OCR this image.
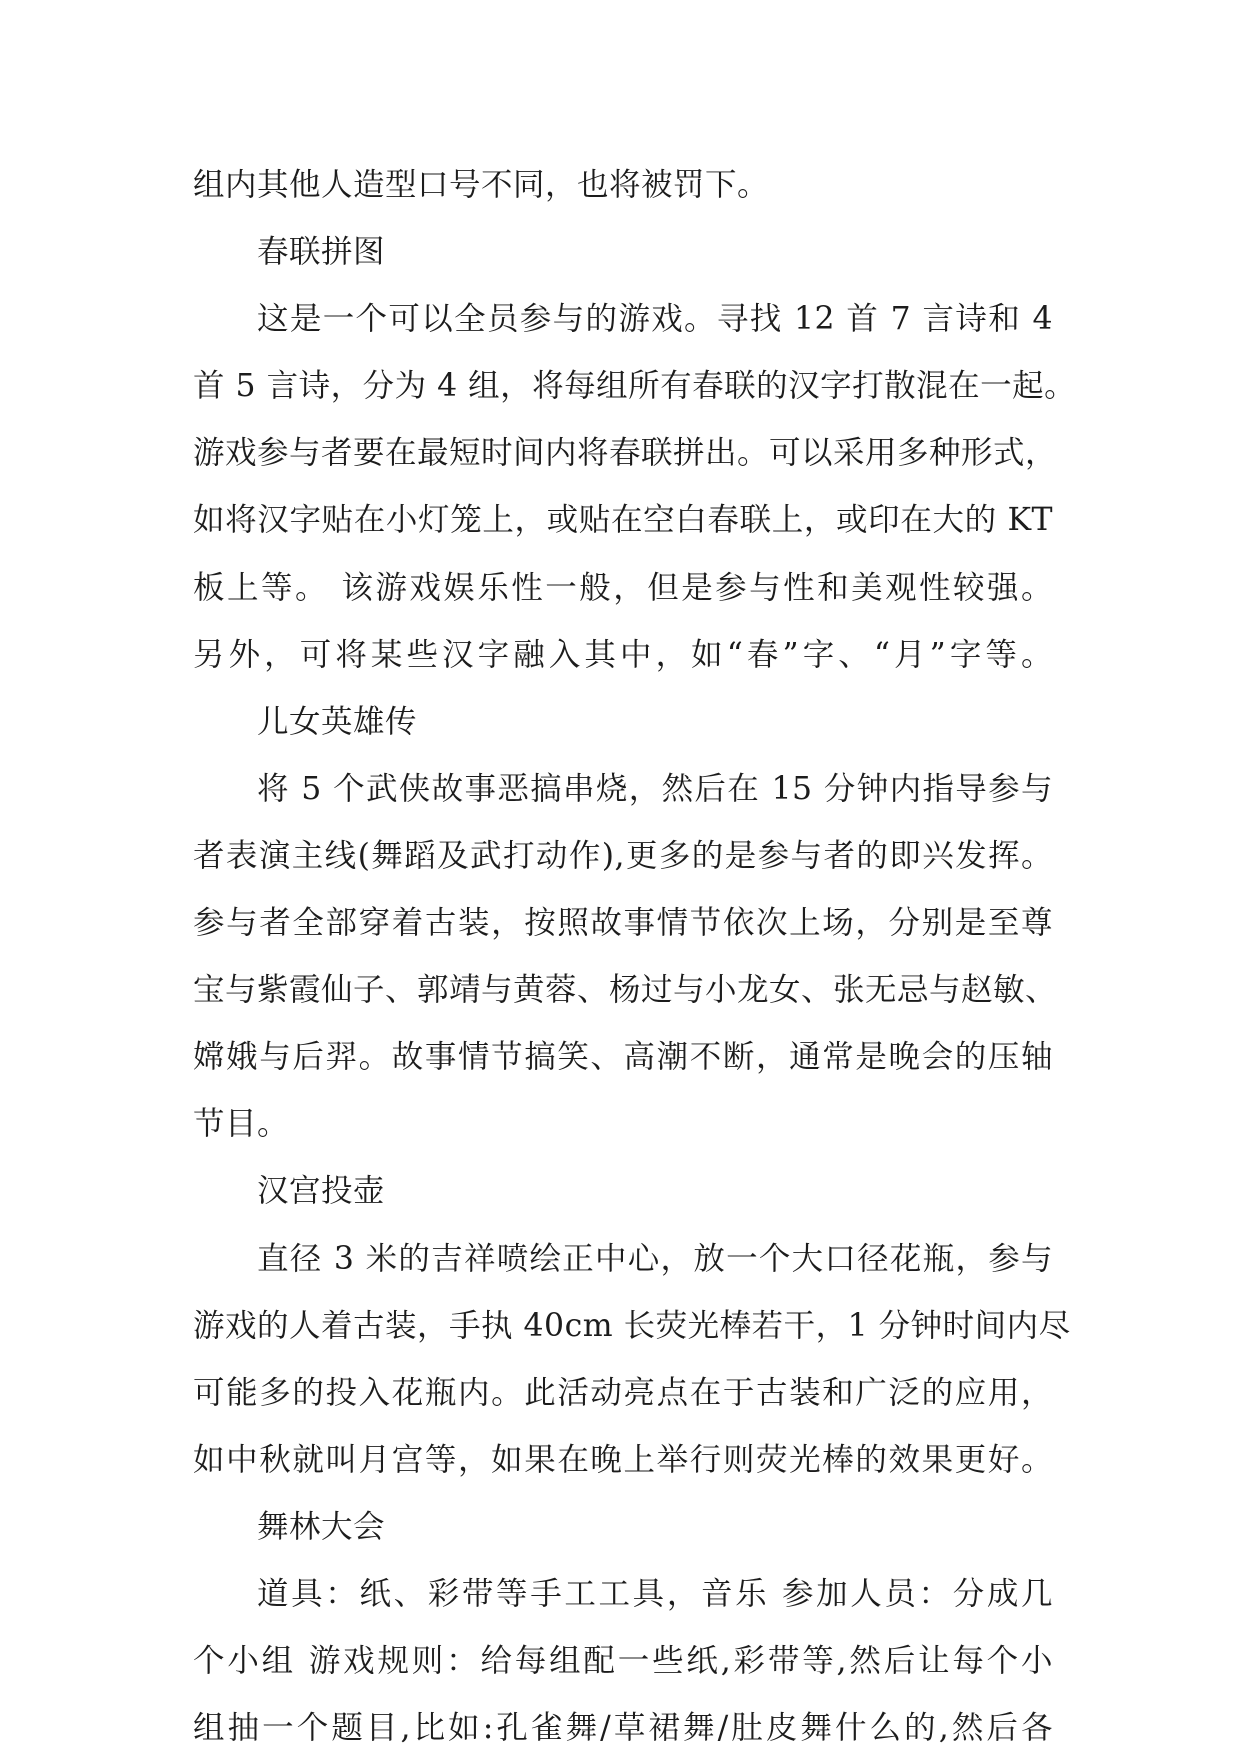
组内其他人造型口号不同，也将被罚下。
春联拼图
这是一个可以全员参与的游戏。寻找 12 首 7 言诗和 4
首 5 言诗，分为 4 组，将每组所有春联的汉字打散混在一起。
游戏参与者要在最短时间内将春联拼出。可以采用多种形式，
如将汉字贴在小灯笼上，或贴在空白春联上，或印在大的 KT
板上等。 该游戏娱乐性一般，但是参与性和美观性较强。
另外，可将某些汉字融入其中，如“春”字、“月”字等。
儿女英雄传
将 5 个武侠故事恶搞串烧，然后在 15 分钟内指导参与
者表演主线(舞蹈及武打动作),更多的是参与者的即兴发挥。
参与者全部穿着古装，按照故事情节依次上场，分别是至尊
宝与紫霞仙子、郭靖与黄蓉、杨过与小龙女、张无忌与赵敏、
嫦娥与后羿。故事情节搞笑、高潮不断，通常是晚会的压轴
节目。
汉宫投壶
直径 3 米的吉祥喷绘正中心，放一个大口径花瓶，参与
游戏的人着古装，手执 40cm 长荧光棒若干，1 分钟时间内尽
可能多的投入花瓶内。此活动亮点在于古装和广泛的应用，
如中秋就叫月宫等，如果在晚上举行则荧光棒的效果更好。
舞林大会
道具：纸、彩带等手工工具，音乐 参加人员：分成几
个小组 游戏规则：给每组配一些纸,彩带等,然后让每个小
组抽一个题目,比如:孔雀舞/草裙舞/肚皮舞什么的,然后各
